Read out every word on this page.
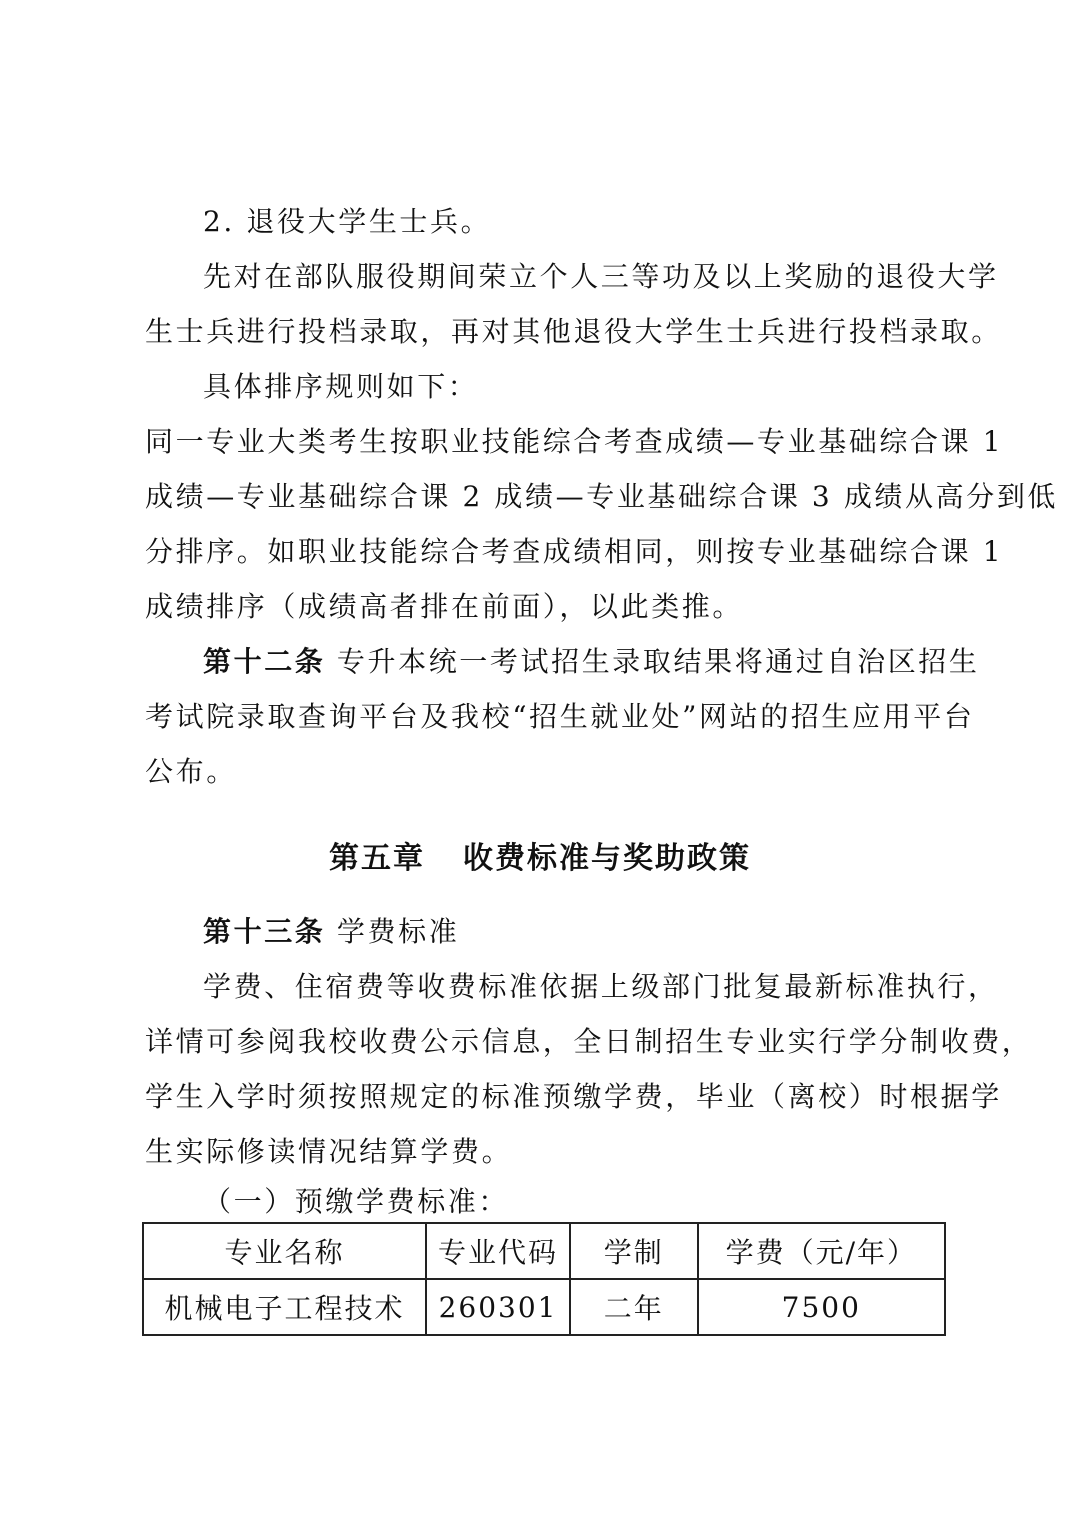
2. 退役大学生士兵。
先对在部队服役期间荣立个人三等功及以上奖励的退役大学
生士兵进行投档录取，再对其他退役大学生士兵进行投档录取。
具体排序规则如下：
同一专业大类考生按职业技能综合考查成绩—专业基础综合课 1
成绩—专业基础综合课 2 成绩—专业基础综合课 3 成绩从高分到低
分排序。如职业技能综合考查成绩相同，则按专业基础综合课 1
成绩排序（成绩高者排在前面），以此类推。
第十二条 专升本统一考试招生录取结果将通过自治区招生
考试院录取查询平台及我校“招生就业处”网站的招生应用平台
公布。
第五章 收费标准与奖助政策
第十三条 学费标准
学费、住宿费等收费标准依据上级部门批复最新标准执行，
详情可参阅我校收费公示信息，全日制招生专业实行学分制收费，
学生入学时须按照规定的标准预缴学费，毕业（离校）时根据学
生实际修读情况结算学费。
（一）预缴学费标准：
专业名称	专业代码	学制	学费（元/年）
机械电子工程技术	260301	二年	7500
